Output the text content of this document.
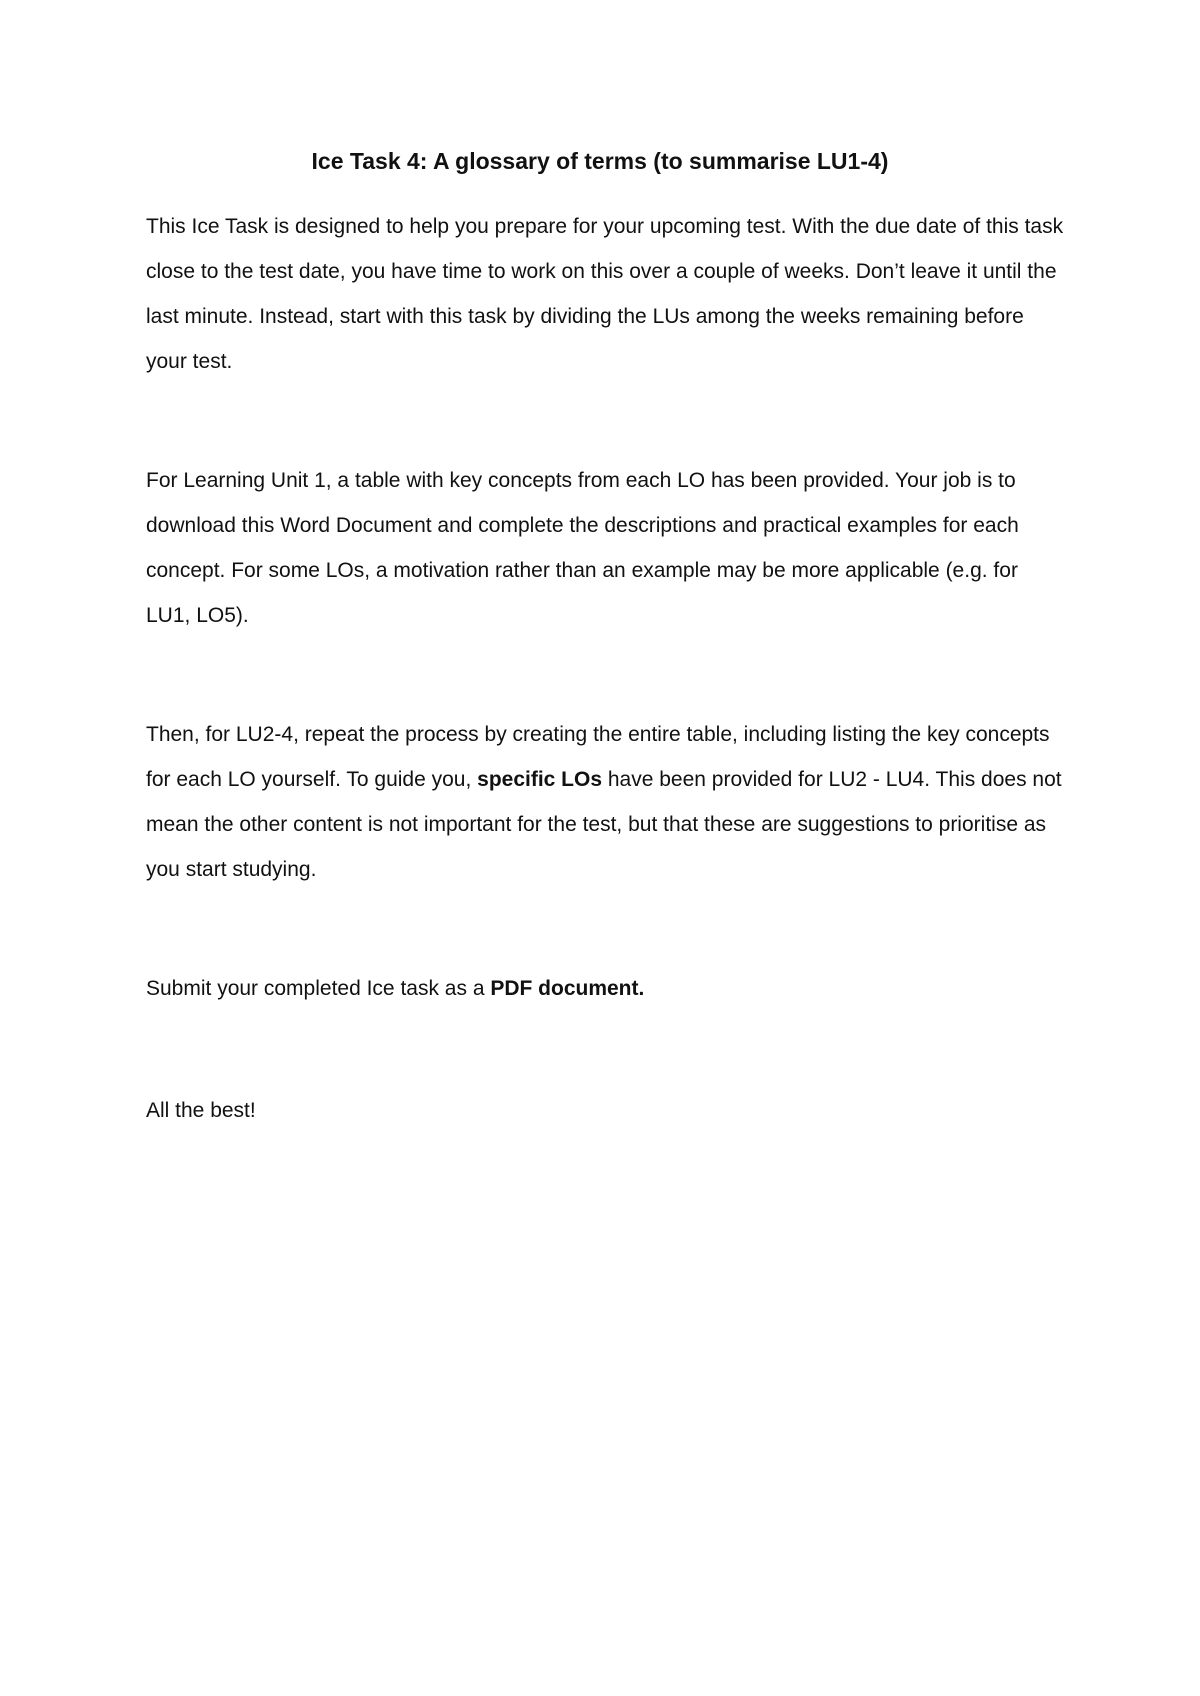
Ice Task 4: A glossary of terms (to summarise LU1-4)

This Ice Task is designed to help you prepare for your upcoming test. With the due date of this task close to the test date, you have time to work on this over a couple of weeks. Don’t leave it until the last minute. Instead, start with this task by dividing the LUs among the weeks remaining before your test.

For Learning Unit 1, a table with key concepts from each LO has been provided. Your job is to download this Word Document and complete the descriptions and practical examples for each concept. For some LOs, a motivation rather than an example may be more applicable (e.g. for LU1, LO5).

Then, for LU2-4, repeat the process by creating the entire table, including listing the key concepts for each LO yourself. To guide you, specific LOs have been provided for LU2 - LU4. This does not mean the other content is not important for the test, but that these are suggestions to prioritise as you start studying.

Submit your completed Ice task as a PDF document.

All the best!
